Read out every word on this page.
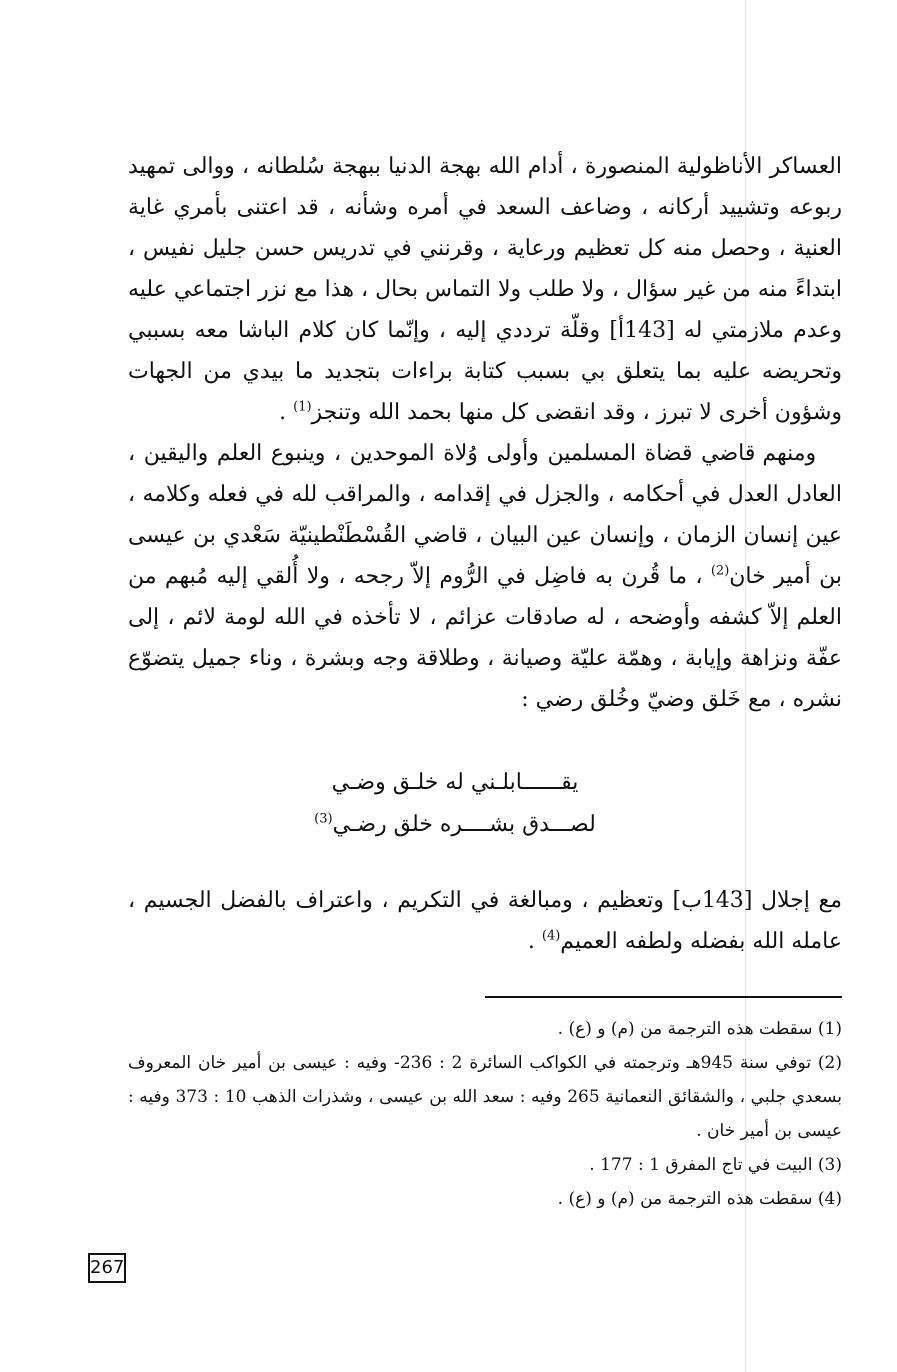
العساكر الأناظولية المنصورة ، أدام الله بهجة الدنيا ببهجة سُلطانه ، ووالى تمهيد ربوعه وتشييد أركانه ، وضاعف السعد في أمره وشأنه ، قد اعتنى بأمري غاية العنية ، وحصل منه كل تعظيم ورعاية ، وقرنني في تدريس حسن جليل نفيس ، ابتداءً منه من غير سؤال ، ولا طلب ولا التماس بحال ، هذا مع نزر اجتماعي عليه وعدم ملازمتي له [143أ] وقلّة ترددي إليه ، وإنّما كان كلام الباشا معه بسببي وتحريضه عليه بما يتعلق بي بسبب كتابة براءات بتجديد ما بيدي من الجهات وشؤون أخرى لا تبرز ، وقد انقضى كل منها بحمد الله وتنجز$^{(1)}$ .

ومنهم قاضي قضاة المسلمين وأولى وُلاة الموحدين ، وينبوع العلم واليقين ، العادل العدل في أحكامه ، والجزل في إقدامه ، والمراقب لله في فعله وكلامه ، عين إنسان الزمان ، وإنسان عين البيان ، قاضي القُسْطَنْطينيّة سَعْدي بن عيسى بن أمير خان$^{(2)}$ ، ما قُرن به فاضِل في الرُّوم إلاّ رجحه ، ولا أُلقي إليه مُبهم من العلم إلاّ كشفه وأوضحه ، له صادقات عزائم ، لا تأخذه في الله لومة لائم ، إلى عفّة ونزاهة وإيابة ، وهمّة عليّة وصيانة ، وطلاقة وجه وبشرة ، وناء جميل يتضوّع نشره ، مع خَلق وضيّ وخُلق رضي :

يقــــــابلـني له خلـق وضـي
لصـــدق بشــــره خلق رضـي$^{(3)}$

مع إجلال [143ب] وتعظيم ، ومبالغة في التكريم ، واعتراف بالفضل الجسيم ، عامله الله بفضله ولطفه العميم$^{(4)}$ .

(1) سقطت هذه الترجمة من (م) و (ع) .

(2) توفي سنة 945هـ وترجمته في الكواكب السائرة 2 : 236- وفيه : عيسى بن أمير خان المعروف بسعدي جلبي ، والشقائق النعمانية 265 وفيه : سعد الله بن عيسى ، وشذرات الذهب 10 : 373 وفيه : عيسى بن أمير خان .

(3) البيت في تاج المفرق 1 : 177 .

(4) سقطت هذه الترجمة من (م) و (ع) .

267
